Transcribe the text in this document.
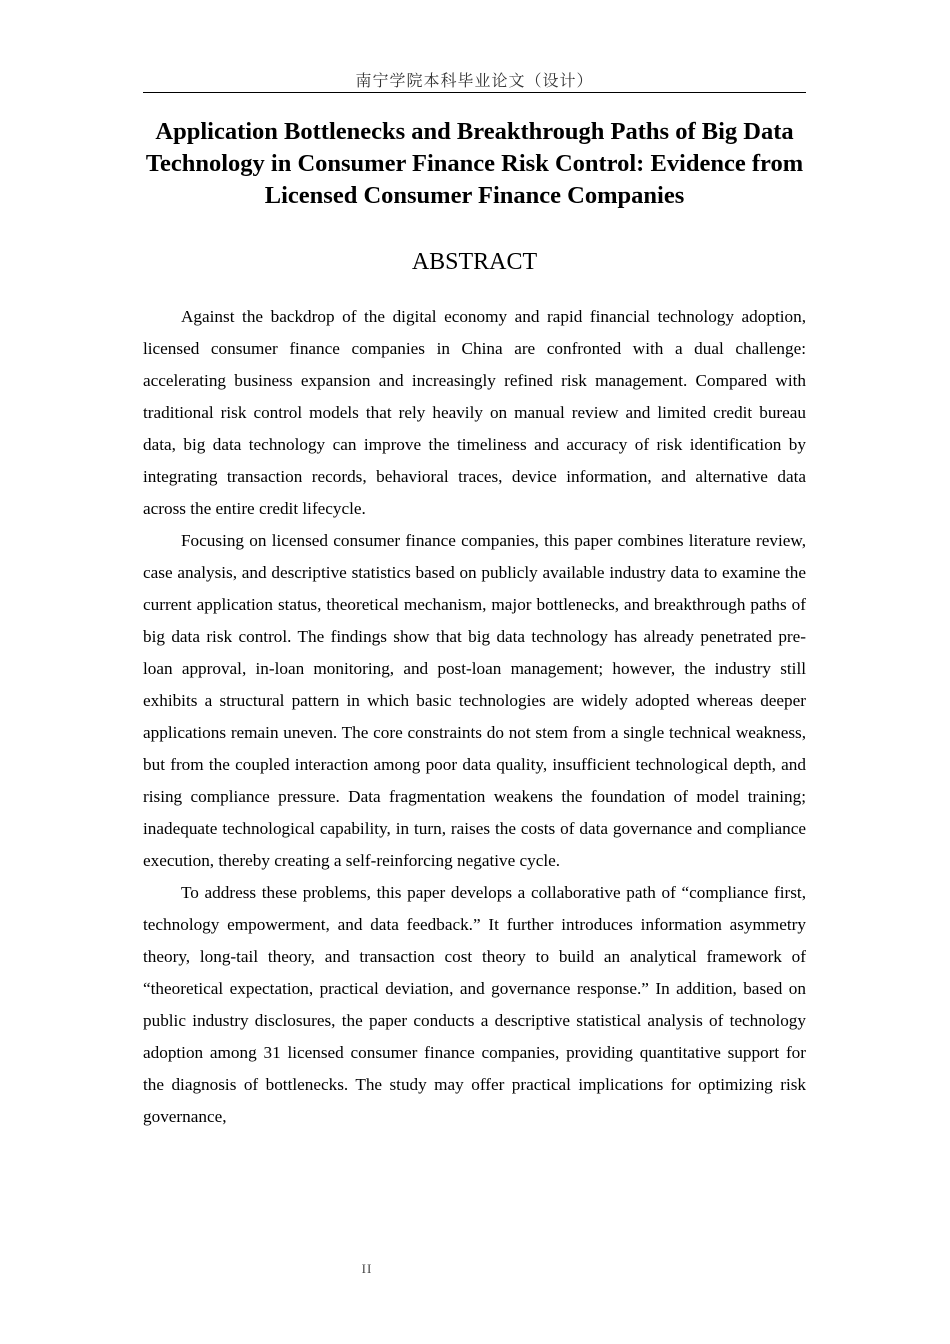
南宁学院本科毕业论文（设计）
Application Bottlenecks and Breakthrough Paths of Big Data Technology in Consumer Finance Risk Control: Evidence from Licensed Consumer Finance Companies
ABSTRACT

Against the backdrop of the digital economy and rapid financial technology adoption, licensed consumer finance companies in China are confronted with a dual challenge: accelerating business expansion and increasingly refined risk management. Compared with traditional risk control models that rely heavily on manual review and limited credit bureau data, big data technology can improve the timeliness and accuracy of risk identification by integrating transaction records, behavioral traces, device information, and alternative data across the entire credit lifecycle.

Focusing on licensed consumer finance companies, this paper combines literature review, case analysis, and descriptive statistics based on publicly available industry data to examine the current application status, theoretical mechanism, major bottlenecks, and breakthrough paths of big data risk control. The findings show that big data technology has already penetrated pre-loan approval, in-loan monitoring, and post-loan management; however, the industry still exhibits a structural pattern in which basic technologies are widely adopted whereas deeper applications remain uneven. The core constraints do not stem from a single technical weakness, but from the coupled interaction among poor data quality, insufficient technological depth, and rising compliance pressure. Data fragmentation weakens the foundation of model training; inadequate technological capability, in turn, raises the costs of data governance and compliance execution, thereby creating a self-reinforcing negative cycle.

To address these problems, this paper develops a collaborative path of “compliance first, technology empowerment, and data feedback.” It further introduces information asymmetry theory, long-tail theory, and transaction cost theory to build an analytical framework of “theoretical expectation, practical deviation, and governance response.” In addition, based on public industry disclosures, the paper conducts a descriptive statistical analysis of technology adoption among 31 licensed consumer finance companies, providing quantitative support for the diagnosis of bottlenecks. The study may offer practical implications for optimizing risk governance,

II
